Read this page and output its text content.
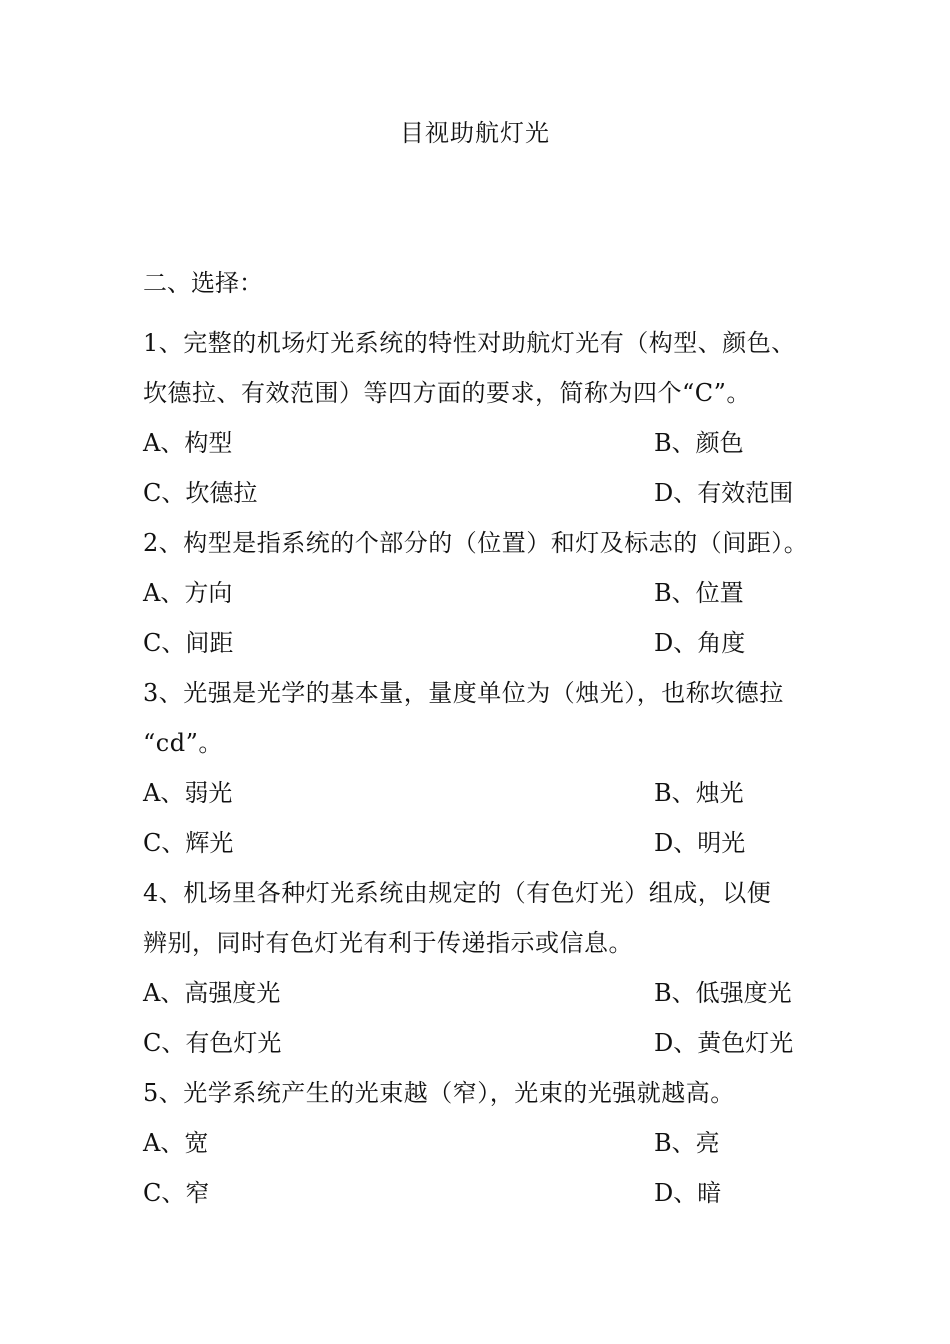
目视助航灯光
二、选择：
1、完整的机场灯光系统的特性对助航灯光有（构型、颜色、
坎德拉、有效范围）等四方面的要求，简称为四个“C”。
A、构型	B、颜色
C、坎德拉	D、有效范围
2、构型是指系统的个部分的（位置）和灯及标志的（间距）。
A、方向	B、位置
C、间距	D、角度
3、光强是光学的基本量，量度单位为（烛光），也称坎德拉
“cd”。
A、弱光	B、烛光
C、辉光	D、明光
4、机场里各种灯光系统由规定的（有色灯光）组成，以便
辨别，同时有色灯光有利于传递指示或信息。
A、高强度光	B、低强度光
C、有色灯光	D、黄色灯光
5、光学系统产生的光束越（窄），光束的光强就越高。
A、宽	B、亮
C、窄	D、暗
